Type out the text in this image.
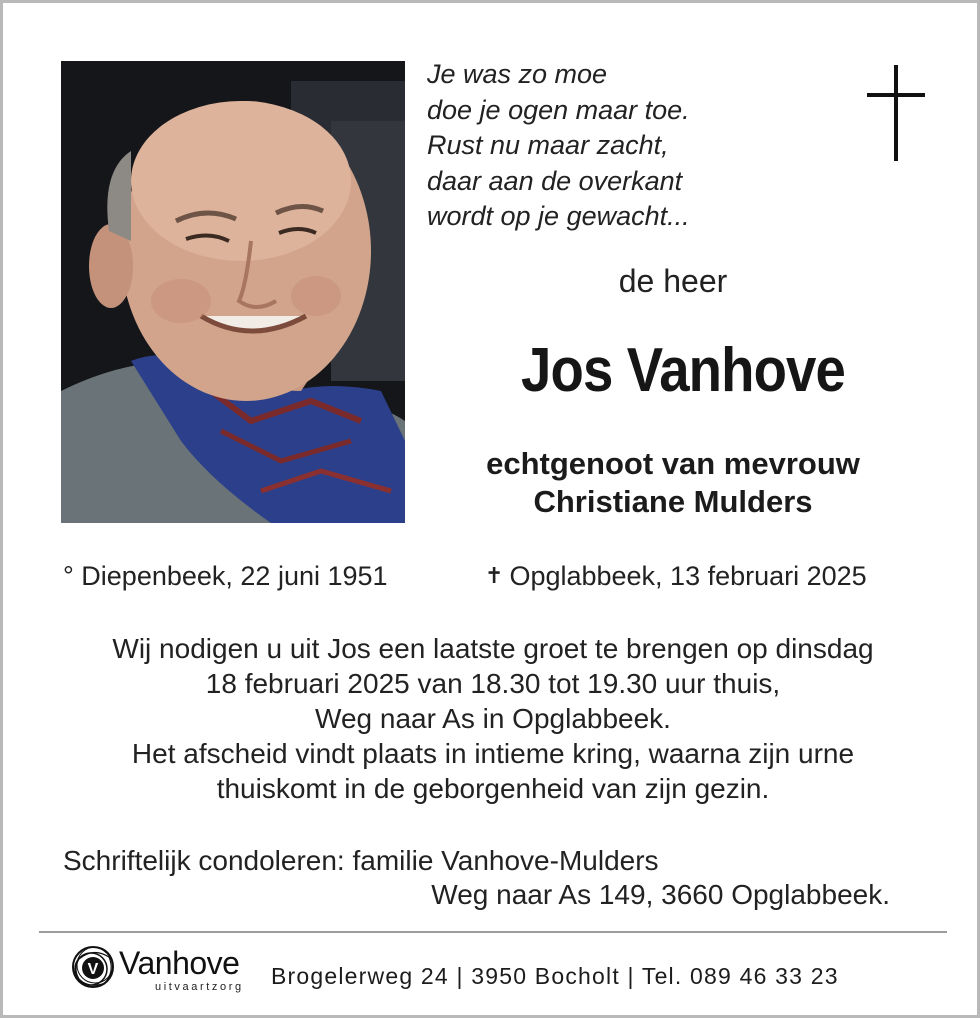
Je was zo moe
doe je ogen maar toe.
Rust nu maar zacht,
daar aan de overkant
wordt op je gewacht...
de heer
Jos Vanhove
echtgenoot van mevrouw
Christiane Mulders
° Diepenbeek, 22 juni 1951	✝ Opglabbeek, 13 februari 2025
Wij nodigen u uit Jos een laatste groet te brengen op dinsdag
18 februari 2025 van 18.30 tot 19.30 uur thuis,
Weg naar As in Opglabbeek.
Het afscheid vindt plaats in intieme kring, waarna zijn urne
thuiskomt in de geborgenheid van zijn gezin.
Schriftelijk condoleren: familie Vanhove-Mulders
Weg naar As 149, 3660 Opglabbeek.
V Vanhove
uitvaartzorg Brogelerweg 24 | 3950 Bocholt | Tel. 089 46 33 23
